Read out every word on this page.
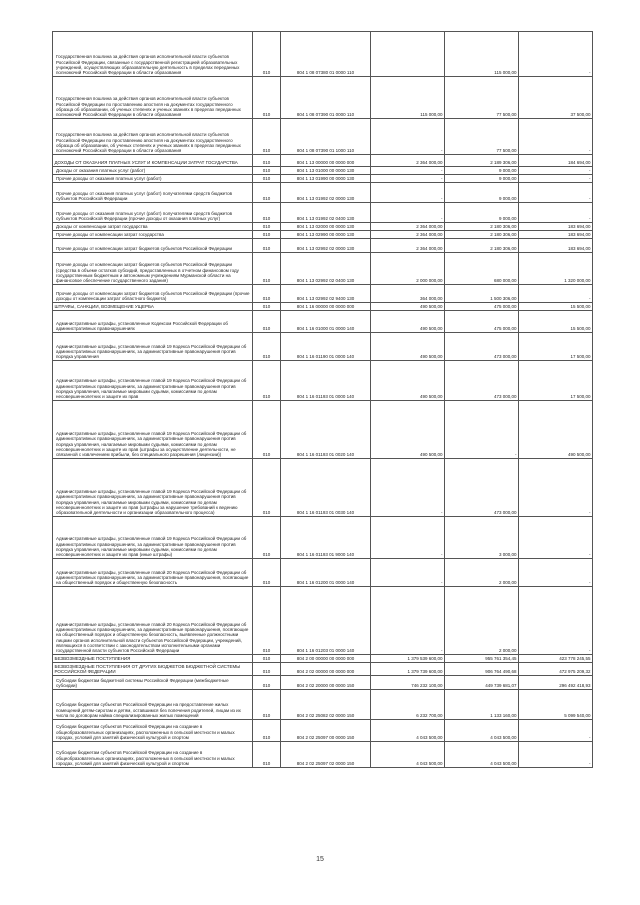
Государственная пошлина за действия органов исполнительной власти субъектов Российской Федерации, связанные с государственной регистрацией образовательных учреждений, осуществляющих образовательную деятельность в пределах переданных полномочий Российской Федерации в области образования	010	804 1 08 07380 01 0000 110		115 000,00	-
Государственная пошлина за действия органов исполнительной власти субъектов Российской Федерации по проставлению апостиля на документах государственного образца об образовании, об ученых степенях и ученых званиях в пределах переданных полномочий Российской Федерации в области образования	010	804 1 08 07390 01 0000 110	115 000,00	77 500,00	37 500,00
Государственная пошлина за действия органов исполнительной власти субъектов Российской Федерации по проставлению апостиля на документах государственного образца об образовании, об ученых степенях и ученых званиях в пределах переданных полномочий Российской Федерации в области образования	010	804 1 08 07390 01 1000 110	-	77 500,00	-
ДОХОДЫ ОТ ОКАЗАНИЯ ПЛАТНЫХ УСЛУГ И КОМПЕНСАЦИИ ЗАТРАТ ГОСУДАРСТВА	010	804 1 13 00000 00 0000 000	2 364 000,00	2 189 306,00	184 694,00
Доходы от оказания платных услуг (работ)	010	804 1 13 01000 00 0000 130	-	9 000,00	-
Прочие доходы от оказания платных услуг (работ)	010	804 1 13 01990 00 0000 130	-	9 000,00	-
Прочие доходы от оказания платных услуг (работ) получателями средств бюджетов субъектов Российской Федерации	010	804 1 13 01992 02 0000 130	-	9 000,00	-
Прочие доходы от оказания платных услуг (работ) получателями средств бюджетов субъектов Российской Федерации (прочие доходы от оказания платных услуг)	010	804 1 13 01992 02 0400 130	-	9 000,00	-
Доходы от компенсации затрат государства	010	804 1 13 02000 00 0000 130	2 364 000,00	2 180 306,00	183 694,00
Прочие доходы от компенсации затрат государства	010	804 1 13 02990 00 0000 130	2 364 000,00	2 180 306,00	183 694,00
Прочие доходы от компенсации затрат бюджетов субъектов Российской Федерации	010	804 1 13 02992 02 0000 130	2 364 000,00	2 180 306,00	183 694,00
Прочие доходы от компенсации затрат бюджетов субъектов Российской Федерации (средства в объеме остатков субсидий, предоставленных в отчетном финансовом году государственным бюджетным и автономным учреждениям Мурманской области на финансовое обеспечение государственного задания)	010	804 1 13 02992 02 0400 130	2 000 000,00	680 000,00	1 320 000,00
Прочие доходы от компенсации затрат бюджетов субъектов Российской Федерации (прочие доходы от компенсации затрат областного бюджета)	010	804 1 13 02992 02 9400 130	364 000,00	1 500 306,00	-
ШТРАФЫ, САНКЦИИ, ВОЗМЕЩЕНИЕ УЩЕРБА	010	804 1 16 00000 00 0000 000	490 500,00	475 000,00	15 500,00
Административные штрафы, установленные Кодексом Российской Федерации об административных правонарушениях	010	804 1 16 01000 01 0000 140	490 500,00	475 000,00	15 500,00
Административные штрафы, установленные главой 19 Кодекса Российской Федерации об административных правонарушениях, за административные правонарушения против порядка управления	010	804 1 16 01190 01 0000 140	490 500,00	473 000,00	17 500,00
Административные штрафы, установленные главой 19 Кодекса Российской Федерации об административных правонарушениях, за административные правонарушения против порядка управления, налагаемые мировыми судьями, комиссиями по делам несовершеннолетних и защите их прав	010	804 1 16 01193 01 0000 140	490 500,00	473 000,00	17 500,00
Административные штрафы, установленные главой 19 Кодекса Российской Федерации об административных правонарушениях, за административные правонарушения против порядка управления, налагаемые мировыми судьями, комиссиями по делам несовершеннолетних и защите их прав (штрафы за осуществление деятельности, не связанной с извлечением прибыли, без специального разрешения (лицензии))	010	804 1 16 01193 01 0020 140	490 500,00	-	490 500,00
Административные штрафы, установленные главой 19 Кодекса Российской Федерации об административных правонарушениях, за административные правонарушения против порядка управления, налагаемые мировыми судьями, комиссиями по делам несовершеннолетних и защите их прав (штрафы за нарушение требований к ведению образовательной деятельности и организации образовательного процесса)	010	804 1 16 01193 01 0030 140	-	473 000,00	-
Административные штрафы, установленные главой 19 Кодекса Российской Федерации об административных правонарушениях, за административные правонарушения против порядка управления, налагаемые мировыми судьями, комиссиями по делам несовершеннолетних и защите их прав (иные штрафы)	010	804 1 16 01193 01 9000 140	-	3 000,00	-
Административные штрафы, установленные главой 20 Кодекса Российской Федерации об административных правонарушениях, за административные правонарушения, посягающие на общественный порядок и общественную безопасность	010	804 1 16 01200 01 0000 140	-	2 000,00	-
Административные штрафы, установленные главой 20 Кодекса Российской Федерации об административных правонарушениях, за административные правонарушения, посягающие на общественный порядок и общественную безопасность, выявленные должностными лицами органов исполнительной власти субъектов Российской Федерации, учреждений, являющихся в соответствии с законодательством исполнительными органами государственной власти субъектов Российской Федерации	010	804 1 16 01203 01 0000 140	-	2 000,00	-
БЕЗВОЗМЕЗДНЫЕ ПОСТУПЛЕНИЯ	010	804 2 00 00000 00 0000 000	1 379 539 600,00	955 761 354,45	423 778 245,55
БЕЗВОЗМЕЗДНЫЕ ПОСТУПЛЕНИЯ ОТ ДРУГИХ БЮДЖЕТОВ БЮДЖЕТНОЙ СИСТЕМЫ РОССИЙСКОЙ ФЕДЕРАЦИИ	010	804 2 02 00000 00 0000 000	1 379 739 600,00	906 764 490,68	472 975 209,32
Субсидии бюджетам бюджетной системы Российской Федерации (межбюджетные субсидии)	010	804 2 02 20000 00 0000 150	746 232 100,00	449 739 681,07	296 492 418,93
Субсидии бюджетам субъектов Российской Федерации на предоставление жилых помещений детям-сиротам и детям, оставшимся без попечения родителей, лицам из их числа по договорам найма специализированных жилых помещений	010	804 2 02 25082 02 0000 150	6 232 700,00	1 133 160,00	5 099 540,00
Субсидии бюджетам субъектов Российской Федерации на создание в общеобразовательных организациях, расположенных в сельской местности и малых городах, условий для занятий физической культурой и спортом	010	804 2 02 25097 00 0000 150	4 043 500,00	4 043 500,00	-
Субсидии бюджетам субъектов Российской Федерации на создание в общеобразовательных организациях, расположенных в сельской местности и малых городах, условий для занятий физической культурой и спортом	010	804 2 02 25097 02 0000 150	4 043 500,00	4 043 500,00	-
15
